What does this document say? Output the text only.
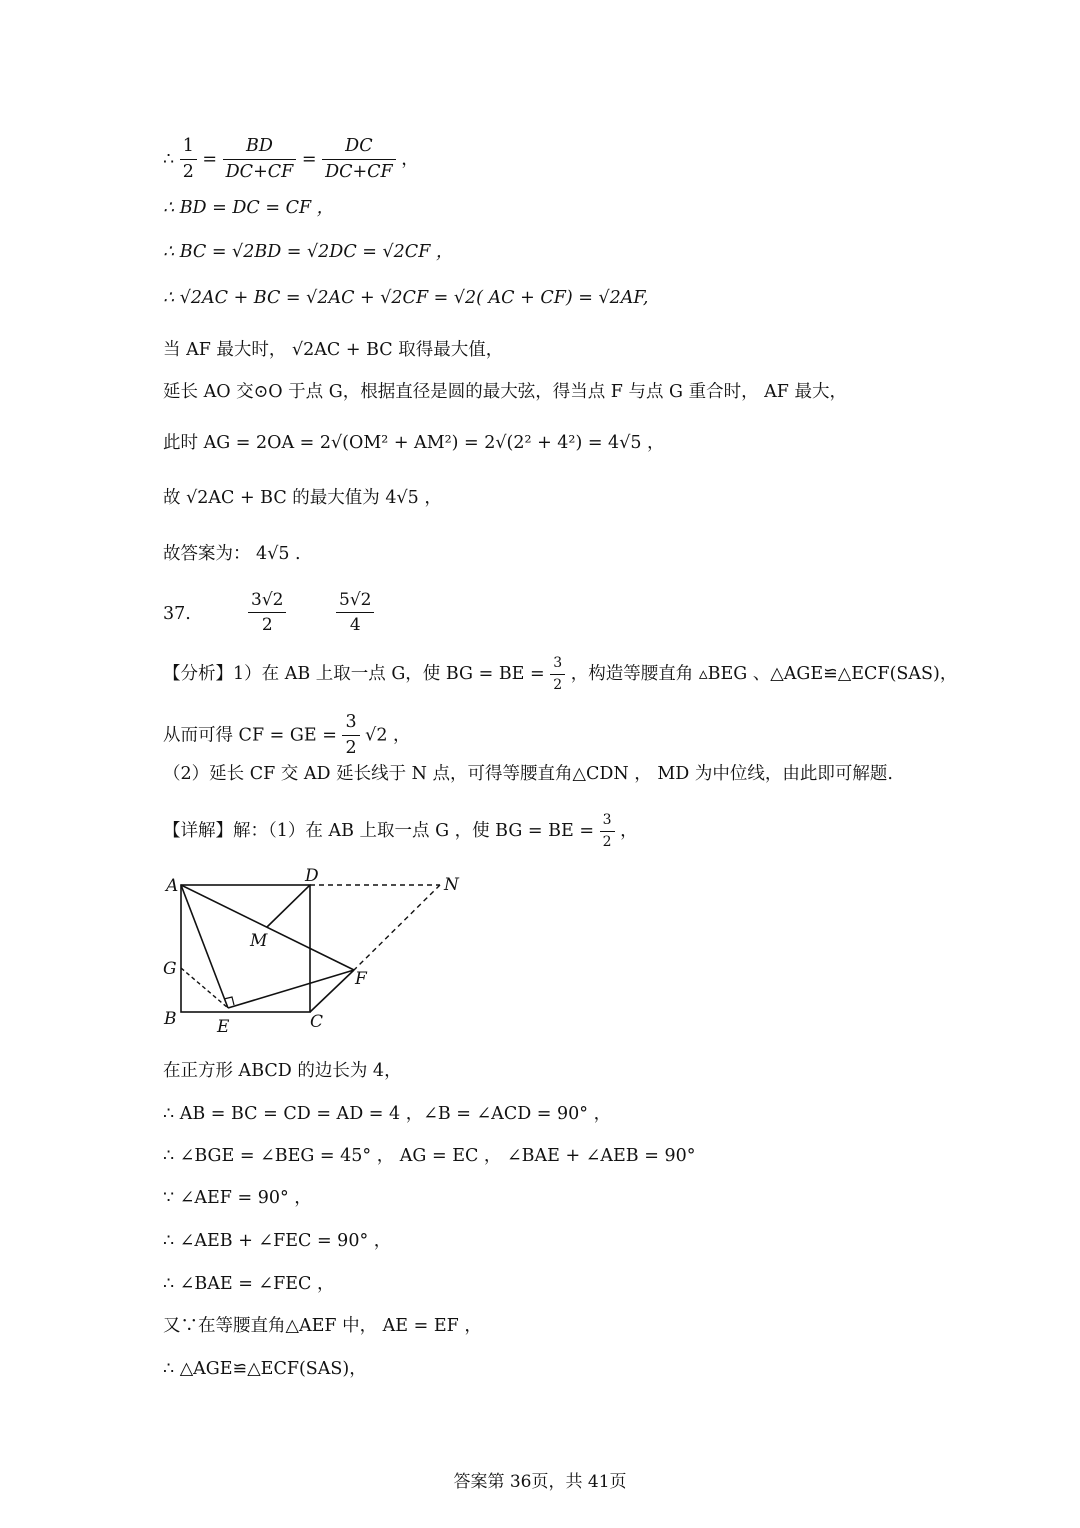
∴ $\frac{1}{2} = \frac{BD}{DC+CF} = \frac{DC}{DC+CF}$ ，
∴ BD = DC = CF ，
∴ BC = √2BD = √2DC = √2CF ，
∴ √2AC + BC = √2AC + √2CF = √2( AC + CF) = √2AF,
当 AF 最大时， √2AC + BC 取得最大值，
延长 AO 交⊙O 于点 G，根据直径是圆的最大弦，得当点 F 与点 G 重合时， AF 最大，
此时 AG = 2OA = 2√(OM² + AM²) = 2√(2² + 4²) = 4√5 ，
故 √2AC + BC 的最大值为 4√5 ，
故答案为： 4√5 .
37.	$\frac{3√2}{2}$	$\frac{5√2}{4}$
【分析】1）在 AB 上取一点 G，使 BG = BE = $\frac{3}{2}$ ，构造等腰直角 ▵BEG 、△AGE≌△ECF(SAS)，
从而可得 CF = GE = $\frac{3}{2} √2$ ，
（2）延长 CF 交 AD 延长线于 N 点，可得等腰直角△CDN ， MD 为中位线，由此即可解题.
【详解】解：（1）在 AB 上取一点 G ，使 BG = BE = $\frac{3}{2}$ ，
A	D	N
M
G	F
B E	C
在正方形 ABCD 的边长为 4，
∴ AB = BC = CD = AD = 4 ，∠B = ∠ACD = 90° ，
∴ ∠BGE = ∠BEG = 45° ， AG = EC ， ∠BAE + ∠AEB = 90°
∵ ∠AEF = 90° ，
∴ ∠AEB + ∠FEC = 90° ，
∴ ∠BAE = ∠FEC ，
又∵在等腰直角△AEF 中， AE = EF ，
∴ △AGE≌△ECF(SAS)，
答案第 36页，共 41页
